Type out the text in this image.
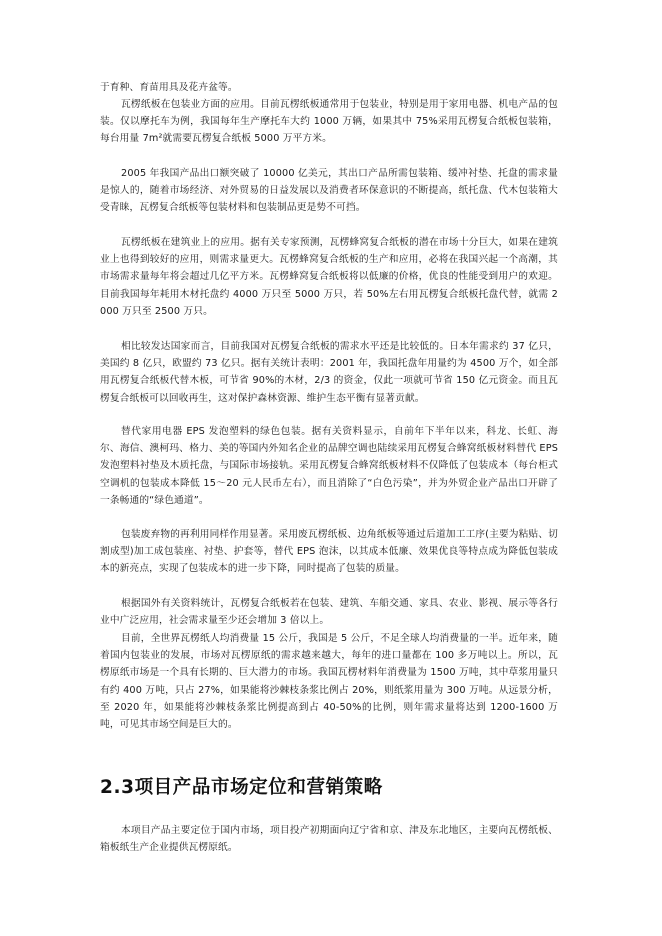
于育种、育苗用具及花卉盆等。

瓦楞纸板在包装业方面的应用。目前瓦楞纸板通常用于包装业，特别是用于家用电器、机电产品的包装。仅以摩托车为例，我国每年生产摩托车大约 1000 万辆，如果其中 75%采用瓦楞复合纸板包装箱，每台用量 7m²就需要瓦楞复合纸板 5000 万平方米。

2005 年我国产品出口额突破了 10000 亿美元，其出口产品所需包装箱、缓冲衬垫、托盘的需求量是惊人的，随着市场经济、对外贸易的日益发展以及消费者环保意识的不断提高，纸托盘、代木包装箱大受青睐，瓦楞复合纸板等包装材料和包装制品更是势不可挡。

瓦楞纸板在建筑业上的应用。据有关专家预测，瓦楞蜂窝复合纸板的潜在市场十分巨大，如果在建筑业上也得到较好的应用，则需求量更大。瓦楞蜂窝复合纸板的生产和应用，必将在我国兴起一个高潮，其市场需求量每年将会超过几亿平方米。瓦楞蜂窝复合纸板将以低廉的价格，优良的性能受到用户的欢迎。目前我国每年耗用木材托盘约 4000 万只至 5000 万只，若 50%左右用瓦楞复合纸板托盘代替，就需 2000 万只至 2500 万只。

相比较发达国家而言，目前我国对瓦楞复合纸板的需求水平还是比较低的。日本年需求约 37 亿只，美国约 8 亿只，欧盟约 73 亿只。据有关统计表明：2001 年，我国托盘年用量约为 4500 万个，如全部用瓦楞复合纸板代替木板，可节省 90%的木材，2/3 的资金，仅此一项就可节省 150 亿元资金。而且瓦楞复合纸板可以回收再生，这对保护森林资源、维护生态平衡有显著贡献。

替代家用电器 EPS 发泡塑料的绿色包装。据有关资料显示，自前年下半年以来，科龙、长虹、海尔、海信、澳柯玛、格力、美的等国内外知名企业的品牌空调也陆续采用瓦楞复合蜂窝纸板材料替代 EPS 发泡塑料衬垫及木质托盘，与国际市场接轨。采用瓦楞复合蜂窝纸板材料不仅降低了包装成本（每台柜式空调机的包装成本降低 15～20 元人民币左右），而且消除了“白色污染”，并为外贸企业产品出口开辟了一条畅通的“绿色通道”。

包装废弃物的再利用同样作用显著。采用废瓦楞纸板、边角纸板等通过后道加工工序(主要为粘贴、切割成型)加工成包装座、衬垫、护套等，替代 EPS 泡沫，以其成本低廉、效果优良等特点成为降低包装成本的新亮点，实现了包装成本的进一步下降，同时提高了包装的质量。

根据国外有关资料统计，瓦楞复合纸板若在包装、建筑、车船交通、家具、农业、影视、展示等各行业中广泛应用，社会需求量至少还会增加 3 倍以上。

目前，全世界瓦楞纸人均消费量 15 公斤，我国是 5 公斤，不足全球人均消费量的一半。近年来，随着国内包装业的发展，市场对瓦楞原纸的需求越来越大，每年的进口量都在 100 多万吨以上。所以，瓦楞原纸市场是一个具有长期的、巨大潜力的市场。我国瓦楞材料年消费量为 1500 万吨，其中草浆用量只有约 400 万吨，只占 27%，如果能将沙棘枝条浆比例占 20%，则纸浆用量为 300 万吨。从远景分析，至 2020 年，如果能将沙棘枝条浆比例提高到占 40-50%的比例，则年需求量将达到 1200-1600 万吨，可见其市场空间是巨大的。

2.3项目产品市场定位和营销策略

本项目产品主要定位于国内市场，项目投产初期面向辽宁省和京、津及东北地区，主要向瓦楞纸板、箱板纸生产企业提供瓦楞原纸。
